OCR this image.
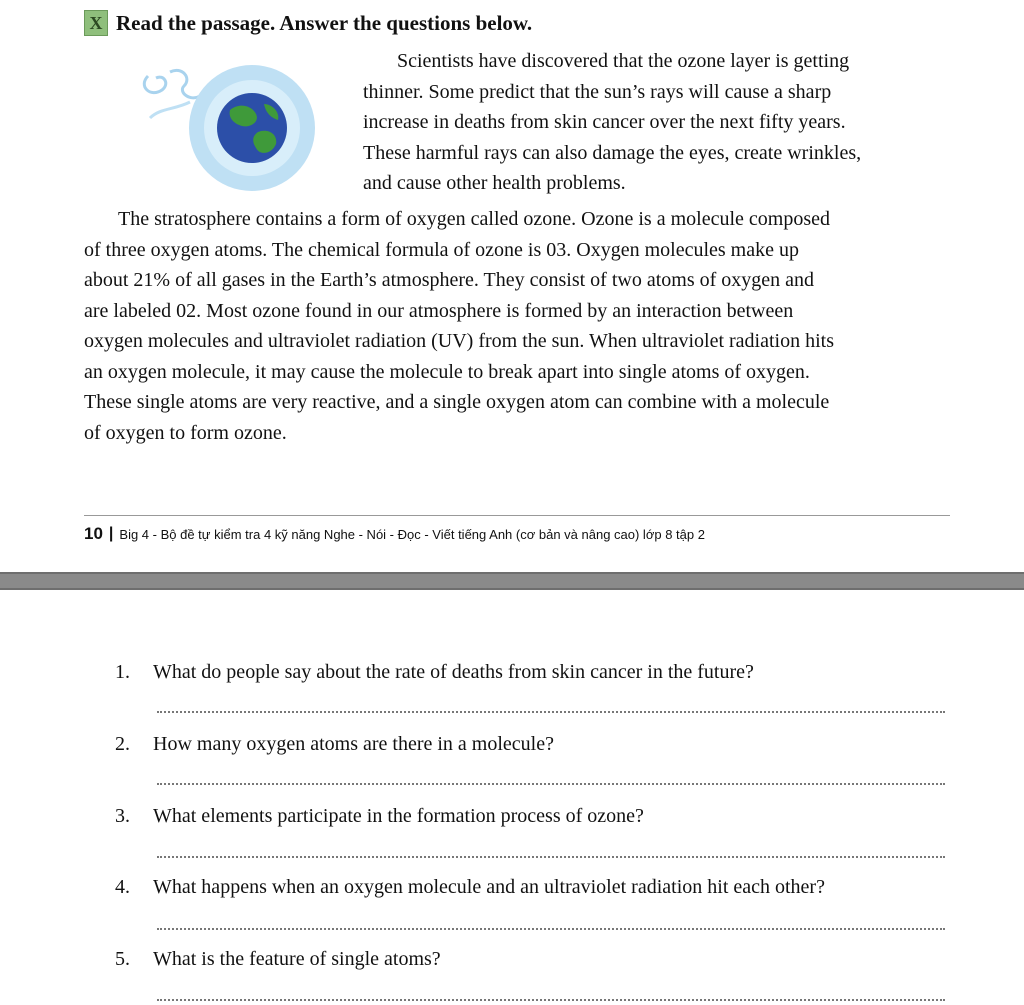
X Read the passage. Answer the questions below.
Scientists have discovered that the ozone layer is getting
thinner. Some predict that the sun’s rays will cause a sharp
increase in deaths from skin cancer over the next fifty years.
These harmful rays can also damage the eyes, create wrinkles,
and cause other health problems.
The stratosphere contains a form of oxygen called ozone. Ozone is a molecule composed
of three oxygen atoms. The chemical formula of ozone is 03. Oxygen molecules make up
about 21% of all gases in the Earth’s atmosphere. They consist of two atoms of oxygen and
are labeled 02. Most ozone found in our atmosphere is formed by an interaction between
oxygen molecules and ultraviolet radiation (UV) from the sun. When ultraviolet radiation hits
an oxygen molecule, it may cause the molecule to break apart into single atoms of oxygen.
These single atoms are very reactive, and a single oxygen atom can combine with a molecule
of oxygen to form ozone.
10 | Big 4 - Bộ đề tự kiểm tra 4 kỹ năng Nghe - Nói - Đọc - Viết tiếng Anh (cơ bản và nâng cao) lớp 8 tập 2
1.	What do people say about the rate of deaths from skin cancer in the future?
2.	How many oxygen atoms are there in a molecule?
3.	What elements participate in the formation process of ozone?
4.	What happens when an oxygen molecule and an ultraviolet radiation hit each other?
5.	What is the feature of single atoms?
